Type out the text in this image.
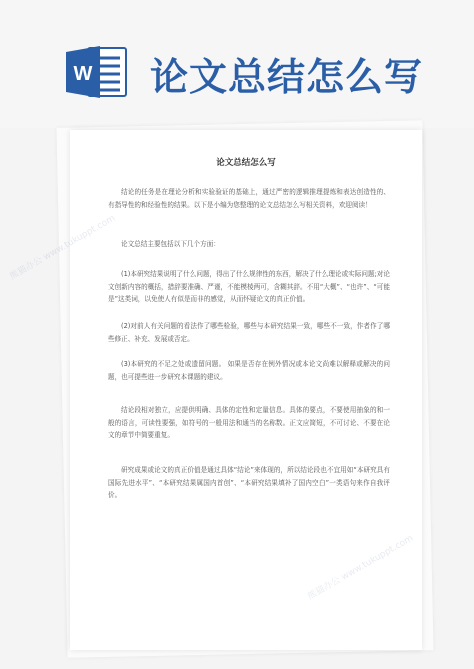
W 论文总结怎么写
论文总结怎么写

结论的任务是在理论分析和实验验证的基础上，通过严密的逻辑推理提炼和表达创造性的、有指导性的和经验性的结果。以下是小编为您整理的论文总结怎么写相关资料，欢迎阅读！

论文总结主要包括以下几个方面：

(1)本研究结果说明了什么问题，得出了什么规律性的东西，解决了什么理论或实际问题;对论文创新内容的概括，措辞要准确、严谨，不能模棱两可，含糊其辞。不用“大概”、“也许”、“可能是”这类词，以免使人有似是而非的感觉，从而怀疑论文的真正价值。

(2)对前人有关问题的看法作了哪些检验，哪些与本研究结果一致，哪些不一致，作者作了哪些修正、补充、发展或否定。

(3)本研究的不足之处或遗留问题。 如果是否存在例外情况或本论文尚难以解释或解决的问题，也可提些进一步研究本课题的建议。

结论段相对独立，应提供明确、具体的定性和定量信息。具体的要点，不要使用抽象的和一般的语言，可读性要强，如符号的一般用法和通当的名称数。正文应简短，不可讨论、不要在论文的章节中简要重复。

研究成果或论文的真正价值是通过具体“结论”来体现的，所以结论段也不宜用如“本研究具有国际先进水平”、“本研究结果属国内首创”、“本研究结果填补了国内空白”一类语句来作自我评价。

熊猫办公
